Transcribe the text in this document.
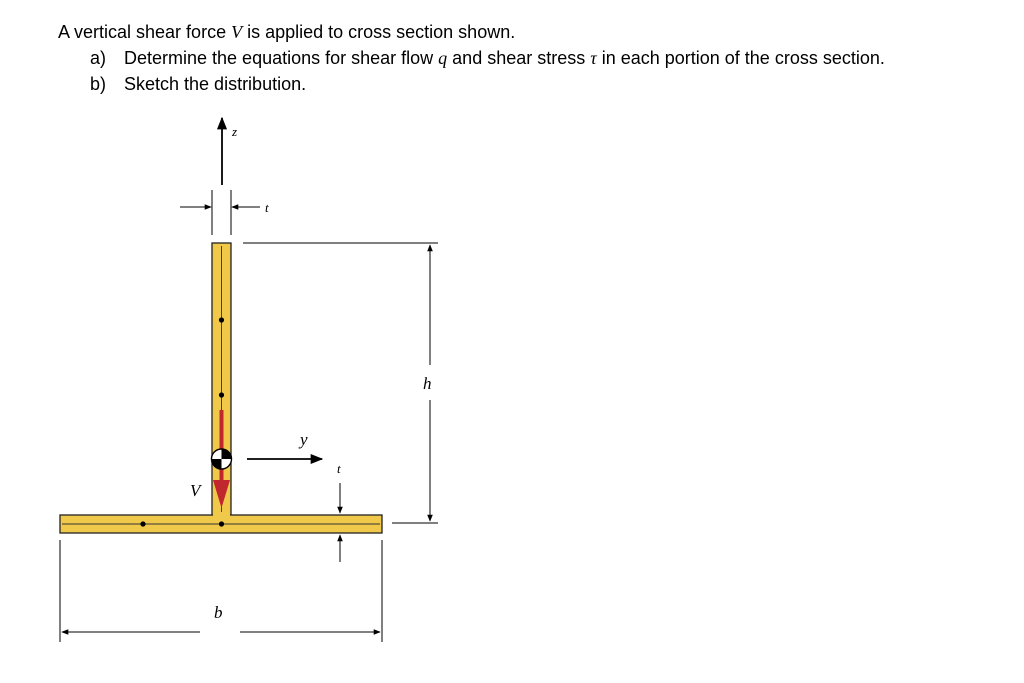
A vertical shear force V is applied to cross section shown.
a) Determine the equations for shear flow q and shear stress τ in each portion of the cross section.
b) Sketch the distribution.
z
t
h
V
y
t
b
